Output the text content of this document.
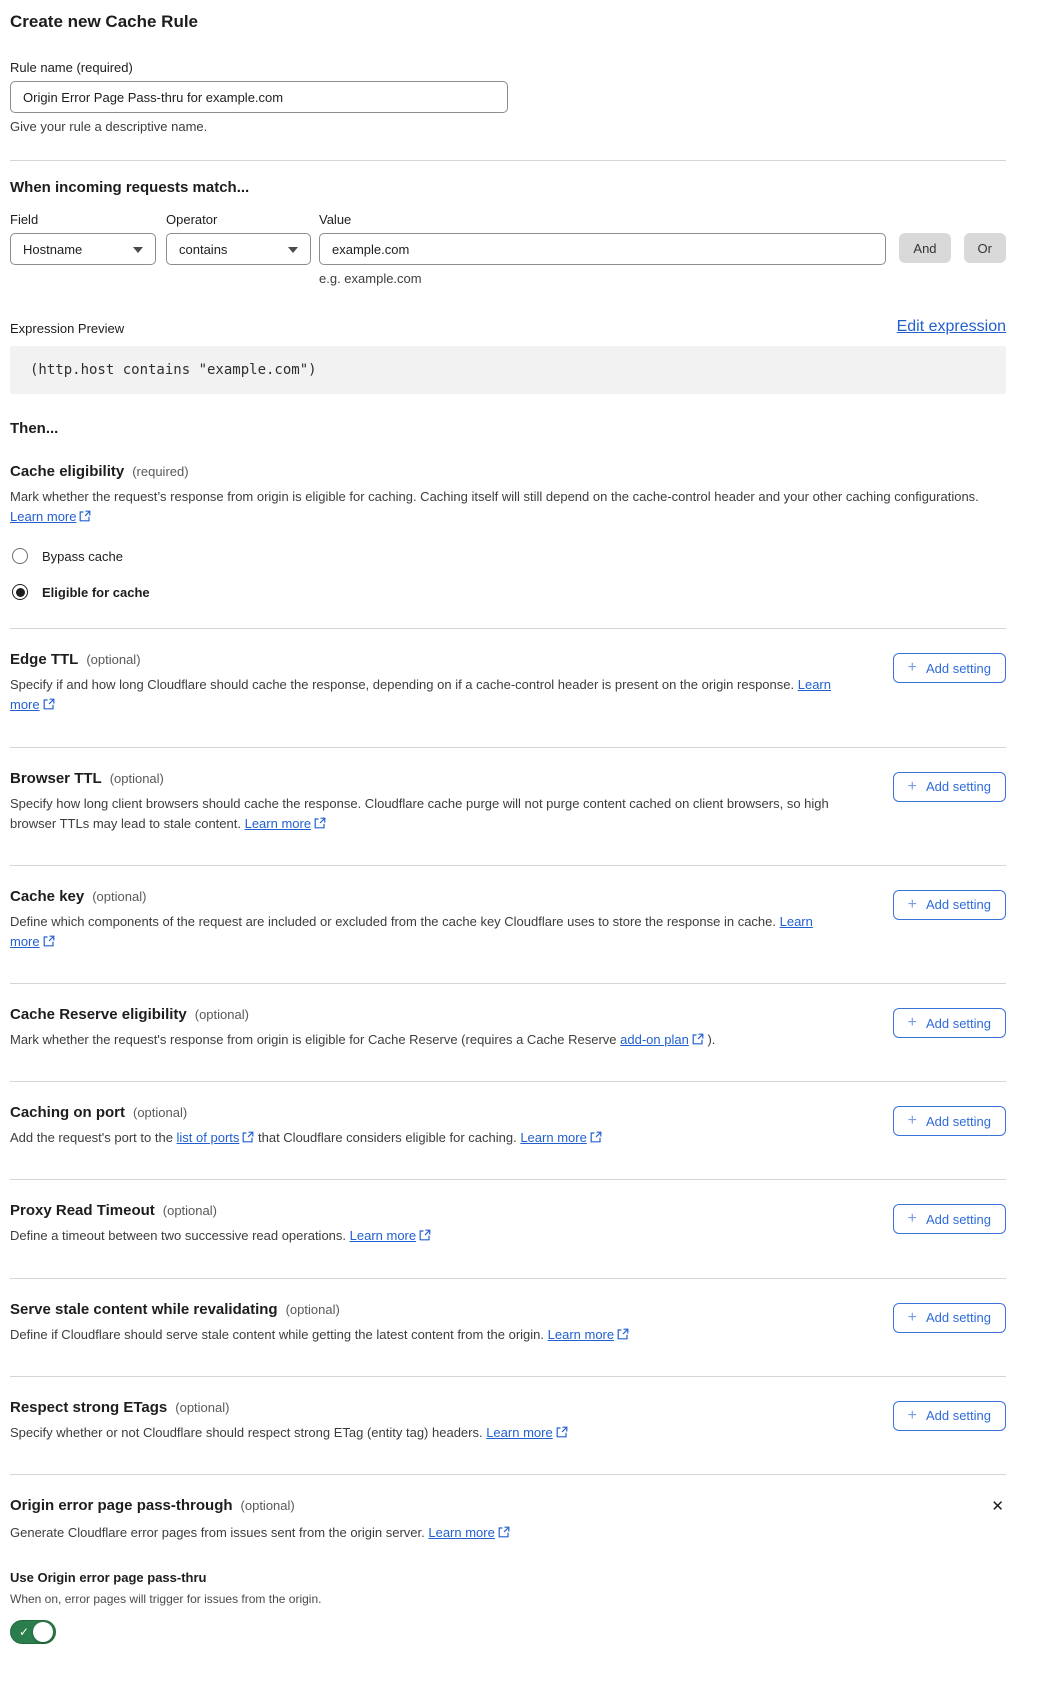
Create new Cache Rule
Rule name (required)
Origin Error Page Pass-thru for example.com
Give your rule a descriptive name.
When incoming requests match...
Field
Hostname
Operator
contains
Value
example.com
e.g. example.com
And	Or
Expression Preview	Edit expression
(http.host contains "example.com")
Then...
Cache eligibility (required)
Mark whether the request’s response from origin is eligible for caching. Caching itself will still depend on the cache-control header and your other caching configurations. Learn more
Bypass cache
Eligible for cache
Edge TTL (optional)
Specify if and how long Cloudflare should cache the response, depending on if a cache-control header is present on the origin response. Learn more
+ Add setting
Browser TTL (optional)
Specify how long client browsers should cache the response. Cloudflare cache purge will not purge content cached on client browsers, so high browser TTLs may lead to stale content. Learn more
+ Add setting
Cache key (optional)
Define which components of the request are included or excluded from the cache key Cloudflare uses to store the response in cache. Learn more
+ Add setting
Cache Reserve eligibility (optional)
Mark whether the request's response from origin is eligible for Cache Reserve (requires a Cache Reserve add-on plan ).
+ Add setting
Caching on port (optional)
Add the request's port to the list of ports that Cloudflare considers eligible for caching. Learn more
+ Add setting
Proxy Read Timeout (optional)
Define a timeout between two successive read operations. Learn more
+ Add setting
Serve stale content while revalidating (optional)
Define if Cloudflare should serve stale content while getting the latest content from the origin. Learn more
+ Add setting
Respect strong ETags (optional)
Specify whether or not Cloudflare should respect strong ETag (entity tag) headers. Learn more
+ Add setting
Origin error page pass-through (optional)	✕
Generate Cloudflare error pages from issues sent from the origin server. Learn more
Use Origin error page pass-thru
When on, error pages will trigger for issues from the origin.
✓
